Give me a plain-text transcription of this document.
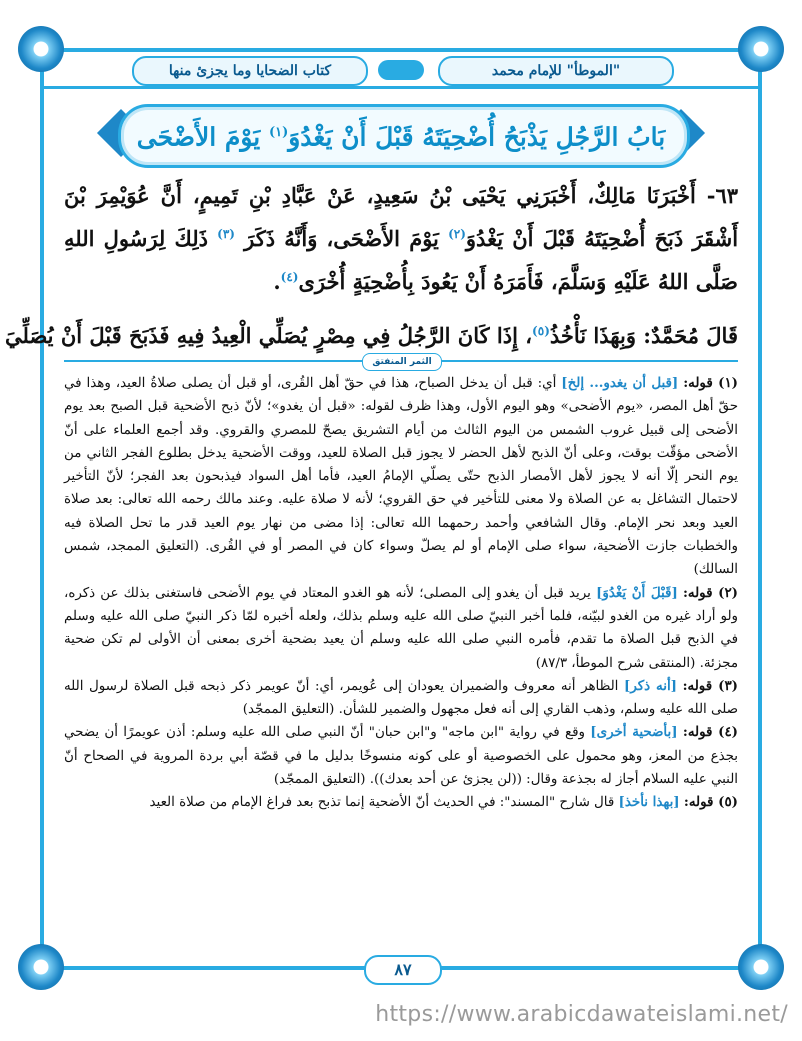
"الموطأ" للإمام محمد
كتاب الضحايا وما يجزئ منها
بَابُ الرَّجُلِ يَذْبَحُ أُضْحِيَتَهُ قَبْلَ أَنْ يَغْدُوَ$^{(١)}$ يَوْمَ الأَضْحَى
٦٣- أَخْبَرَنَا مَالِكٌ، أَخْبَرَنِي يَحْيَى بْنُ سَعِيدٍ، عَنْ عَبَّادِ بْنِ تَمِيمٍ، أَنَّ عُوَيْمِرَ بْنَ أَشْقَرَ ذَبَحَ أُضْحِيَتَهُ قَبْلَ أَنْ يَغْدُوَ$^{(٢)}$ يَوْمَ الأَضْحَى، وَأَنَّهُ ذَكَرَ $^{(٣)}$ ذَلِكَ لِرَسُولِ اللهِ صَلَّى اللهُ عَلَيْهِ وَسَلَّمَ، فَأَمَرَهُ أَنْ يَعُودَ بِأُضْحِيَةٍ أُخْرَى$^{(٤)}$.
قَالَ مُحَمَّدٌ: وَبِهَذَا نَأْخُذُ$^{(٥)}$، إِذَا كَانَ الرَّجُلُ فِي مِصْرٍ يُصَلِّي الْعِيدُ فِيهِ فَذَبَحَ قَبْلَ أَنْ يُصَلِّيَ
الثمر المنفتق

(١) قوله: [قبل أن يغدو... إلخ] أي: قبل أن يدخل الصباح، هذا في حقّ أهل القُرى، أو قبل أن يصلى صلاةُ العيد، وهذا في حقّ أهل المصر، «يوم الأضحى» وهو اليوم الأول، وهذا ظرف لقوله: «قبل أن يغدو»؛ لأنّ ذبح الأضحية قبل الصبح بعد يوم الأضحى إلى قبيل غروب الشمس من اليوم الثالث من أيام التشريق يصحّ للمصري والقروي. وقد أجمع العلماء على أنّ الأضحى مؤقّت بوقت، وعلى أنّ الذبح لأهل الحضر لا يجوز قبل الصلاة للعيد، ووقت الأضحية يدخل بطلوع الفجر الثاني من يوم النحر إلّا أنه لا يجوز لأهل الأمصار الذبح حتّى يصلّي الإمامُ العيد، فأما أهل السواد فيذبحون بعد الفجر؛ لأنّ التأخير لاحتمال التشاغل به عن الصلاة ولا معنى للتأخير في حق القروي؛ لأنه لا صلاة عليه. وعند مالك رحمه الله تعالى: بعد صلاة العيد وبعد نحر الإمام. وقال الشافعي وأحمد رحمهما الله تعالى: إذا مضى من نهار يوم العيد قدر ما تحل الصلاة فيه والخطبات جازت الأضحية، سواء صلى الإمام أو لم يصلّ وسواء كان في المصر أو في القُرى. (التعليق الممجد، شمس السالك)

(٢) قوله: [قَبْلَ أَنْ يَغْدُوَ] يريد قبل أن يغدو إلى المصلى؛ لأنه هو الغدو المعتاد في يوم الأضحى فاستغنى بذلك عن ذكره، ولو أراد غيره من الغدو لبيّنه، فلما أخبر النبيّ صلى الله عليه وسلم بذلك، ولعله أخبره لمّا ذكر النبيّ صلى الله عليه وسلم في الذبح قبل الصلاة ما تقدم، فأمره النبي صلى الله عليه وسلم أن يعيد بضحية أخرى بمعنى أن الأولى لم تكن ضحية مجزئة. (المنتقى شرح الموطأ، ٨٧/٣)

(٣) قوله: [أنه ذكر] الظاهر أنه معروف والضميران يعودان إلى عُويمر، أي: أنّ عويمر ذكر ذبحه قبل الصلاة لرسول الله صلى الله عليه وسلم، وذهب القاري إلى أنه فعل مجهول والضمير للشأن. (التعليق الممجّد)

(٤) قوله: [بأضحية أخرى] وقع في رواية "ابن ماجه" و"ابن حبان" أنّ النبي صلى الله عليه وسلم: أذن عويمرًا أن يضحي بجذع من المعز، وهو محمول على الخصوصية أو على كونه منسوخًا بدليل ما في قصّة أبي بردة المروية في الصحاح أنّ النبي عليه السلام أجاز له بجذعة وقال: ((لن يجزئ عن أحد بعدك)). (التعليق الممجّد)

(٥) قوله: [بهذا نأخذ] قال شارح "المسند": في الحديث أنّ الأضحية إنما تذبح بعد فراغ الإمام من صلاة العيد

٨٧
https://www.arabicdawateislami.net/
